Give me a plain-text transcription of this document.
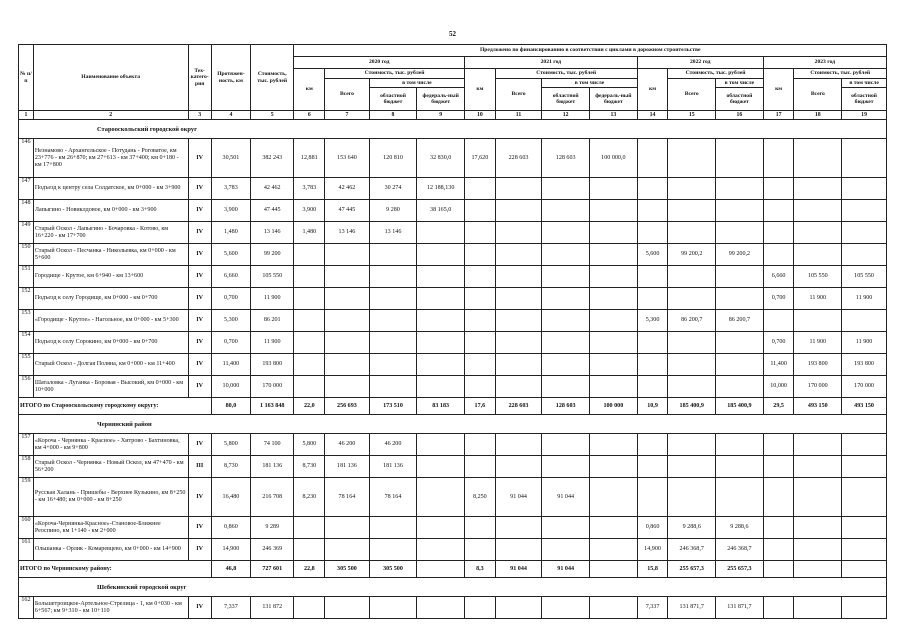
52
№ п/п	Наименование объекта	Тех-катего-рия	Протяжен-ность, км	Стоимость, тыс. рублей	Предложено по финансированию в соответствии с циклами в дорожном строительстве													
					2020 год				2021 год				2022 год			2023 год		
					км	Стоимость, тыс. рублей			км	Стоимость, тыс. рублей			км	Стоимость, тыс. рублей		км	Стоимость, тыс. рублей	
						Всего	в том числе			Всего	в том числе			Всего	в том числе		Всего	в том числе
							областной бюджет	федераль-ный бюджет			областной бюджет	федераль-ный бюджет			областной бюджет			областной бюджет
1	2	3	4	5	6	7	8	9	10	11	12	13	14	15	16	17	18	19
Старооскольский городской округ																		
146	Незнамово - Архангельское - Потудань - Роговатое, км 23+776 - км 26+870; км 27+613 - км 37+400; км 0+180 - км 17+800	IV	30,501	382 243	12,881	153 640	120 810	32 830,0	17,620	228 603	128 603	100 000,0						
147	Подъезд к центру села Солдатское, км 0+000 - км 3+900	IV	3,783	42 462	3,783	42 462	30 274	12 188,130										
148	Лапыгино - Новиклдовое, км 0+000 - км 3+900	IV	3,900	47 445	3,900	47 445	9 280	38 165,0										
149	Старый Оскол - Лапыгино - Бочаровка - Котово, км 16+220 - км 17+700	IV	1,480	13 146	1,480	13 146	13 146											
150	Старый Оскол - Песчанка - Никольевка, км 0+000 - км 5+600	IV	5,600	99 200									5,600	99 200,2	99 200,2			
151	Городище - Крутое, км 6+940 - км 13+600	IV	6,660	105 550												6,660	105 550	105 550
152	Подъезд к селу Городище, км 0+000 - км 0+700	IV	0,700	11 900												0,700	11 900	11 900
153	«Городище - Крутое» - Нагольное, км 0+000 - км 5+300	IV	5,300	86 201									5,300	86 200,7	86 200,7			
154	Подъезд к селу Сорокино, км 0+000 - км 0+700	IV	0,700	11 900												0,700	11 900	11 900
155	Старый Оскол - Долгая Поляна, км 0+000 - км 11+400	IV	11,400	193 800												11,400	193 800	193 800
156	Шаталовка - Луганка - Боровая - Высокий, км 0+000 - км 10+000	IV	10,000	170 000												10,000	170 000	170 000
ИТОГО по Старооскольскому городскому округу:			80,0	1 163 848	22,0	256 693	173 510	83 183	17,6	228 603	128 603	100 000	10,9	185 400,9	185 400,9	29,5	493 150	493 150
Чернянский район																		
157	«Короча - Чернянка - Красное» - Хитрово - Бахтиновка, км 4+000 - км 9+800	IV	5,800	74 100	5,800	46 200	46 200											
158	Старый Оскол - Чернянка - Новый Оскол, км 47+470 - км 56+200	III	8,730	181 136	8,730	181 136	181 136											
159	Русская Халань - Пришебы - Верхнее Кузькино, км 8+250 - км 16+480; км 0+000 - км 8+250	IV	16,480	216 708	8,230	78 164	78 164		8,250	91 044	91 044							
160	«Короча-Чернянка-Красное»-Становое-Ближнее Реоспино, км 1+140 - км 2+000	IV	0,860	9 289									0,860	9 288,6	9 288,6			
161	Ольшанка - Орлик - Комаревцево, км 0+000 - км 14+900	IV	14,900	246 369									14,900	246 368,7	246 368,7			
ИТОГО по Чернянскому району:			46,8	727 601	22,8	305 500	305 500		8,3	91 044	91 044		15,8	255 657,3	255 657,3			
Шебекинский городской округ																		
162	Большетроицкое-Артельное-Стрелица - 1, км 0+030 - км 6+567; км 9+310 - км 10+110	IV	7,337	131 872									7,337	131 871,7	131 871,7			
